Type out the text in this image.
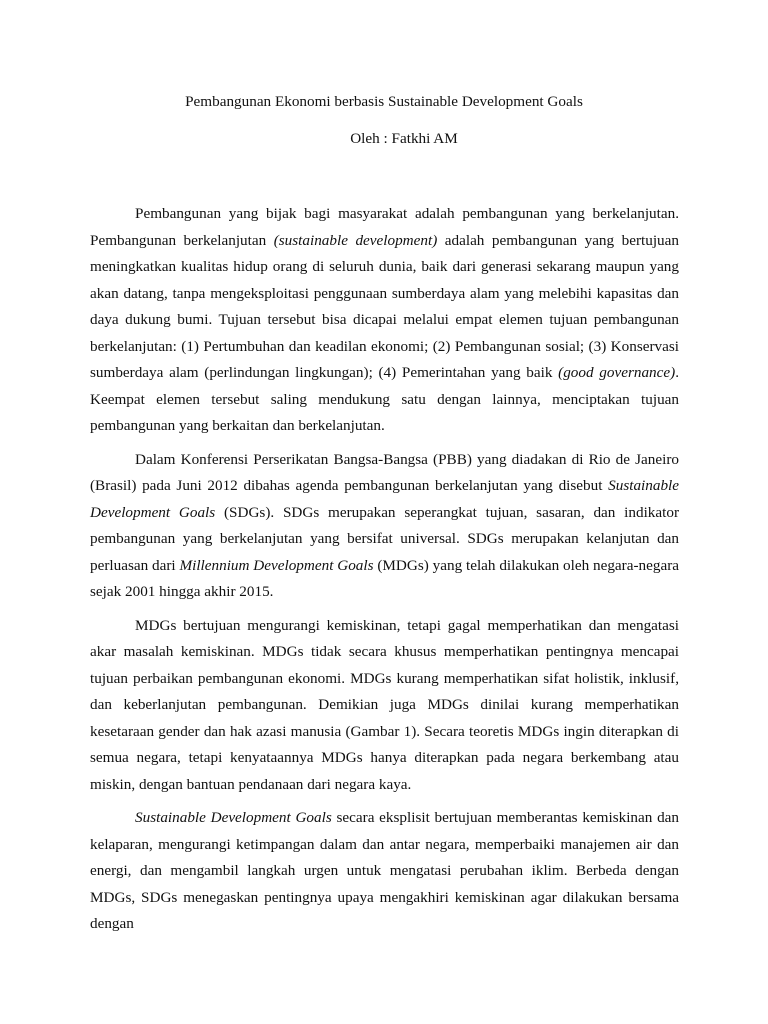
Pembangunan Ekonomi berbasis Sustainable Development Goals

Oleh : Fatkhi AM

Pembangunan yang bijak bagi masyarakat adalah pembangunan yang berkelanjutan. Pembangunan berkelanjutan (sustainable development) adalah pembangunan yang bertujuan meningkatkan kualitas hidup orang di seluruh dunia, baik dari generasi sekarang maupun yang akan datang, tanpa mengeksploitasi penggunaan sumberdaya alam yang melebihi kapasitas dan daya dukung bumi. Tujuan tersebut bisa dicapai melalui empat elemen tujuan pembangunan berkelanjutan: (1) Pertumbuhan dan keadilan ekonomi; (2) Pembangunan sosial; (3) Konservasi sumberdaya alam (perlindungan lingkungan); (4) Pemerintahan yang baik (good governance). Keempat elemen tersebut saling mendukung satu dengan lainnya, menciptakan tujuan pembangunan yang berkaitan dan berkelanjutan.

Dalam Konferensi Perserikatan Bangsa-Bangsa (PBB) yang diadakan di Rio de Janeiro (Brasil) pada Juni 2012 dibahas agenda pembangunan berkelanjutan yang disebut Sustainable Development Goals (SDGs). SDGs merupakan seperangkat tujuan, sasaran, dan indikator pembangunan yang berkelanjutan yang bersifat universal. SDGs merupakan kelanjutan dan perluasan dari Millennium Development Goals (MDGs) yang telah dilakukan oleh negara-negara sejak 2001 hingga akhir 2015.

MDGs bertujuan mengurangi kemiskinan, tetapi gagal memperhatikan dan mengatasi akar masalah kemiskinan. MDGs tidak secara khusus memperhatikan pentingnya mencapai tujuan perbaikan pembangunan ekonomi. MDGs kurang memperhatikan sifat holistik, inklusif, dan keberlanjutan pembangunan. Demikian juga MDGs dinilai kurang memperhatikan kesetaraan gender dan hak azasi manusia (Gambar 1). Secara teoretis MDGs ingin diterapkan di semua negara, tetapi kenyataannya MDGs hanya diterapkan pada negara berkembang atau miskin, dengan bantuan pendanaan dari negara kaya.

Sustainable Development Goals secara eksplisit bertujuan memberantas kemiskinan dan kelaparan, mengurangi ketimpangan dalam dan antar negara, memperbaiki manajemen air dan energi, dan mengambil langkah urgen untuk mengatasi perubahan iklim. Berbeda dengan MDGs, SDGs menegaskan pentingnya upaya mengakhiri kemiskinan agar dilakukan bersama dengan
